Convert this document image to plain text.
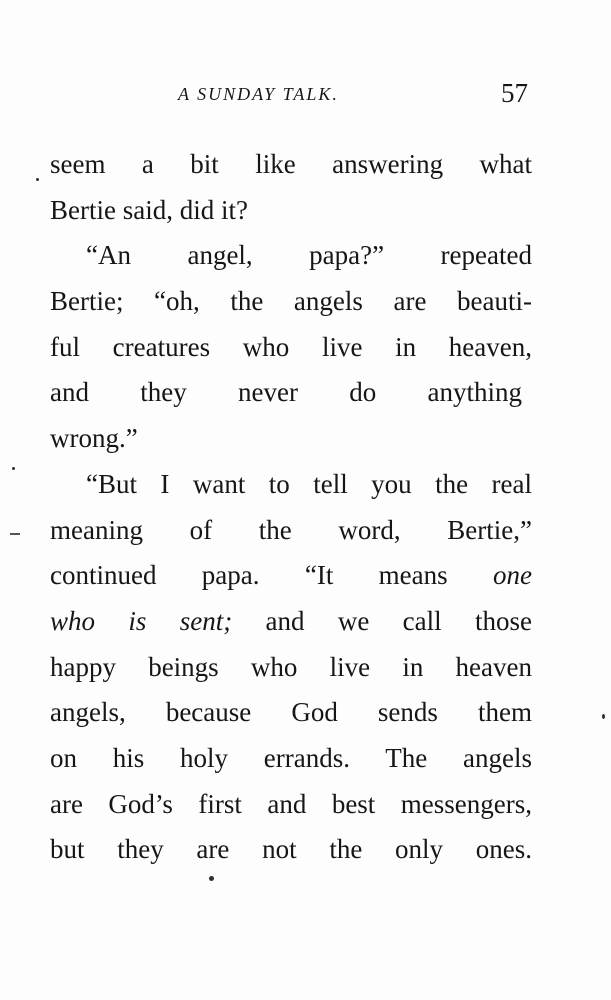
A SUNDAY TALK.	57
seem a bit like answering what
Bertie said, did it?
“An angel, papa?” repeated
Bertie; “oh, the angels are beauti-
ful creatures who live in heaven,
and they never do anything
wrong.”
“But I want to tell you the real
meaning of the word, Bertie,”
continued papa. “It means one
who is sent; and we call those
happy beings who live in heaven
angels, because God sends them
on his holy errands. The angels
are God’s first and best messengers,
but they are not the only ones.
